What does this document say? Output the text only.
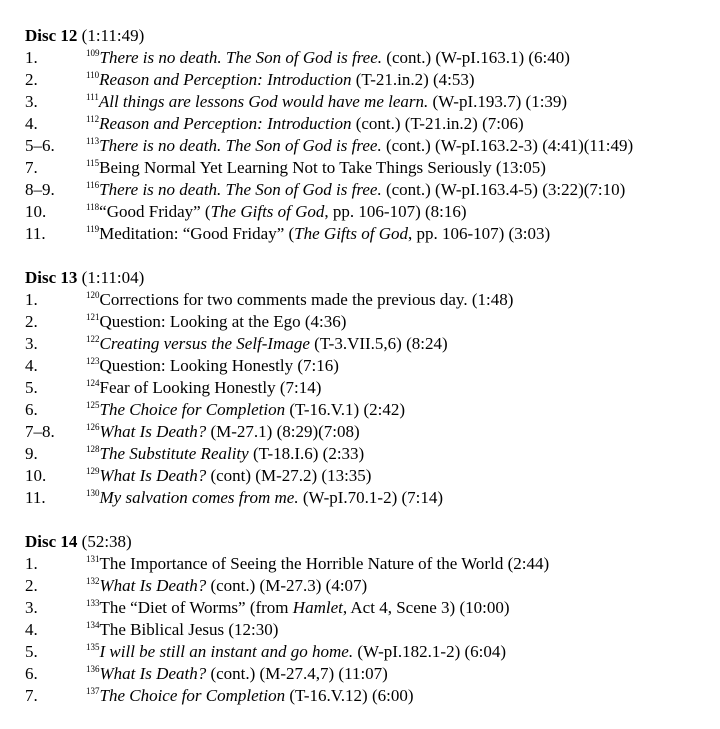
Disc 12 (1:11:49)
1.	$^{109}$There is no death. The Son of God is free. (cont.) (W-pI.163.1) (6:40)
2.	$^{110}$Reason and Perception: Introduction (T-21.in.2) (4:53)
3.	$^{111}$All things are lessons God would have me learn. (W-pI.193.7) (1:39)
4.	$^{112}$Reason and Perception: Introduction (cont.) (T-21.in.2) (7:06)
5–6.	$^{113}$There is no death. The Son of God is free. (cont.) (W-pI.163.2-3) (4:41)(11:49)
7.	$^{115}$Being Normal Yet Learning Not to Take Things Seriously (13:05)
8–9.	$^{116}$There is no death. The Son of God is free. (cont.) (W-pI.163.4-5) (3:22)(7:10)
10.	$^{118}$“Good Friday” (The Gifts of God, pp. 106-107) (8:16)
11.	$^{119}$Meditation: “Good Friday” (The Gifts of God, pp. 106-107) (3:03)
Disc 13 (1:11:04)
1.	$^{120}$Corrections for two comments made the previous day. (1:48)
2.	$^{121}$Question: Looking at the Ego (4:36)
3.	$^{122}$Creating versus the Self-Image (T-3.VII.5,6) (8:24)
4.	$^{123}$Question: Looking Honestly (7:16)
5.	$^{124}$Fear of Looking Honestly (7:14)
6.	$^{125}$The Choice for Completion (T-16.V.1) (2:42)
7–8.	$^{126}$What Is Death? (M-27.1) (8:29)(7:08)
9.	$^{128}$The Substitute Reality (T-18.I.6) (2:33)
10.	$^{129}$What Is Death? (cont) (M-27.2) (13:35)
11.	$^{130}$My salvation comes from me. (W-pI.70.1-2) (7:14)
Disc 14 (52:38)
1.	$^{131}$The Importance of Seeing the Horrible Nature of the World (2:44)
2.	$^{132}$What Is Death? (cont.) (M-27.3) (4:07)
3.	$^{133}$The “Diet of Worms” (from Hamlet, Act 4, Scene 3) (10:00)
4.	$^{134}$The Biblical Jesus (12:30)
5.	$^{135}$I will be still an instant and go home. (W-pI.182.1-2) (6:04)
6.	$^{136}$What Is Death? (cont.) (M-27.4,7) (11:07)
7.	$^{137}$The Choice for Completion (T-16.V.12) (6:00)
